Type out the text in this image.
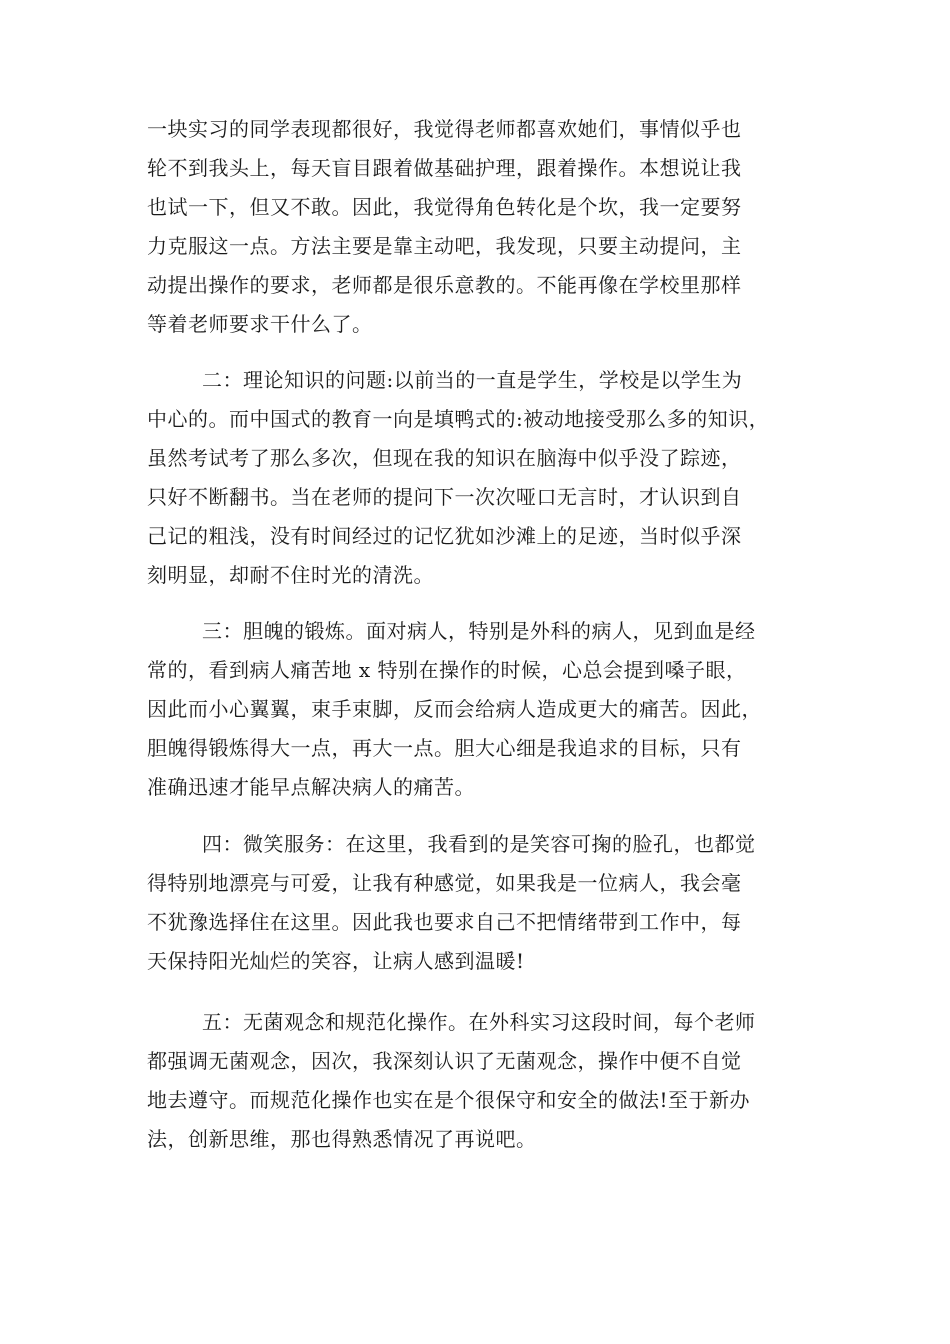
一块实习的同学表现都很好，我觉得老师都喜欢她们，事情似乎也
轮不到我头上，每天盲目跟着做基础护理，跟着操作。本想说让我
也试一下，但又不敢。因此，我觉得角色转化是个坎，我一定要努
力克服这一点。方法主要是靠主动吧，我发现，只要主动提问，主
动提出操作的要求，老师都是很乐意教的。不能再像在学校里那样
等着老师要求干什么了。
二：理论知识的问题:以前当的一直是学生，学校是以学生为
中心的。而中国式的教育一向是填鸭式的:被动地接受那么多的知识，
虽然考试考了那么多次，但现在我的知识在脑海中似乎没了踪迹，
只好不断翻书。当在老师的提问下一次次哑口无言时，才认识到自
己记的粗浅，没有时间经过的记忆犹如沙滩上的足迹，当时似乎深
刻明显，却耐不住时光的清洗。
三：胆魄的锻炼。面对病人，特别是外科的病人，见到血是经
常的，看到病人痛苦地 x 特别在操作的时候，心总会提到嗓子眼，
因此而小心翼翼，束手束脚，反而会给病人造成更大的痛苦。因此，
胆魄得锻炼得大一点，再大一点。胆大心细是我追求的目标，只有
准确迅速才能早点解决病人的痛苦。
四：微笑服务：在这里，我看到的是笑容可掬的脸孔，也都觉
得特别地漂亮与可爱，让我有种感觉，如果我是一位病人，我会毫
不犹豫选择住在这里。因此我也要求自己不把情绪带到工作中，每
天保持阳光灿烂的笑容，让病人感到温暖!
五：无菌观念和规范化操作。在外科实习这段时间，每个老师
都强调无菌观念，因次，我深刻认识了无菌观念，操作中便不自觉
地去遵守。而规范化操作也实在是个很保守和安全的做法!至于新办
法，创新思维，那也得熟悉情况了再说吧。
